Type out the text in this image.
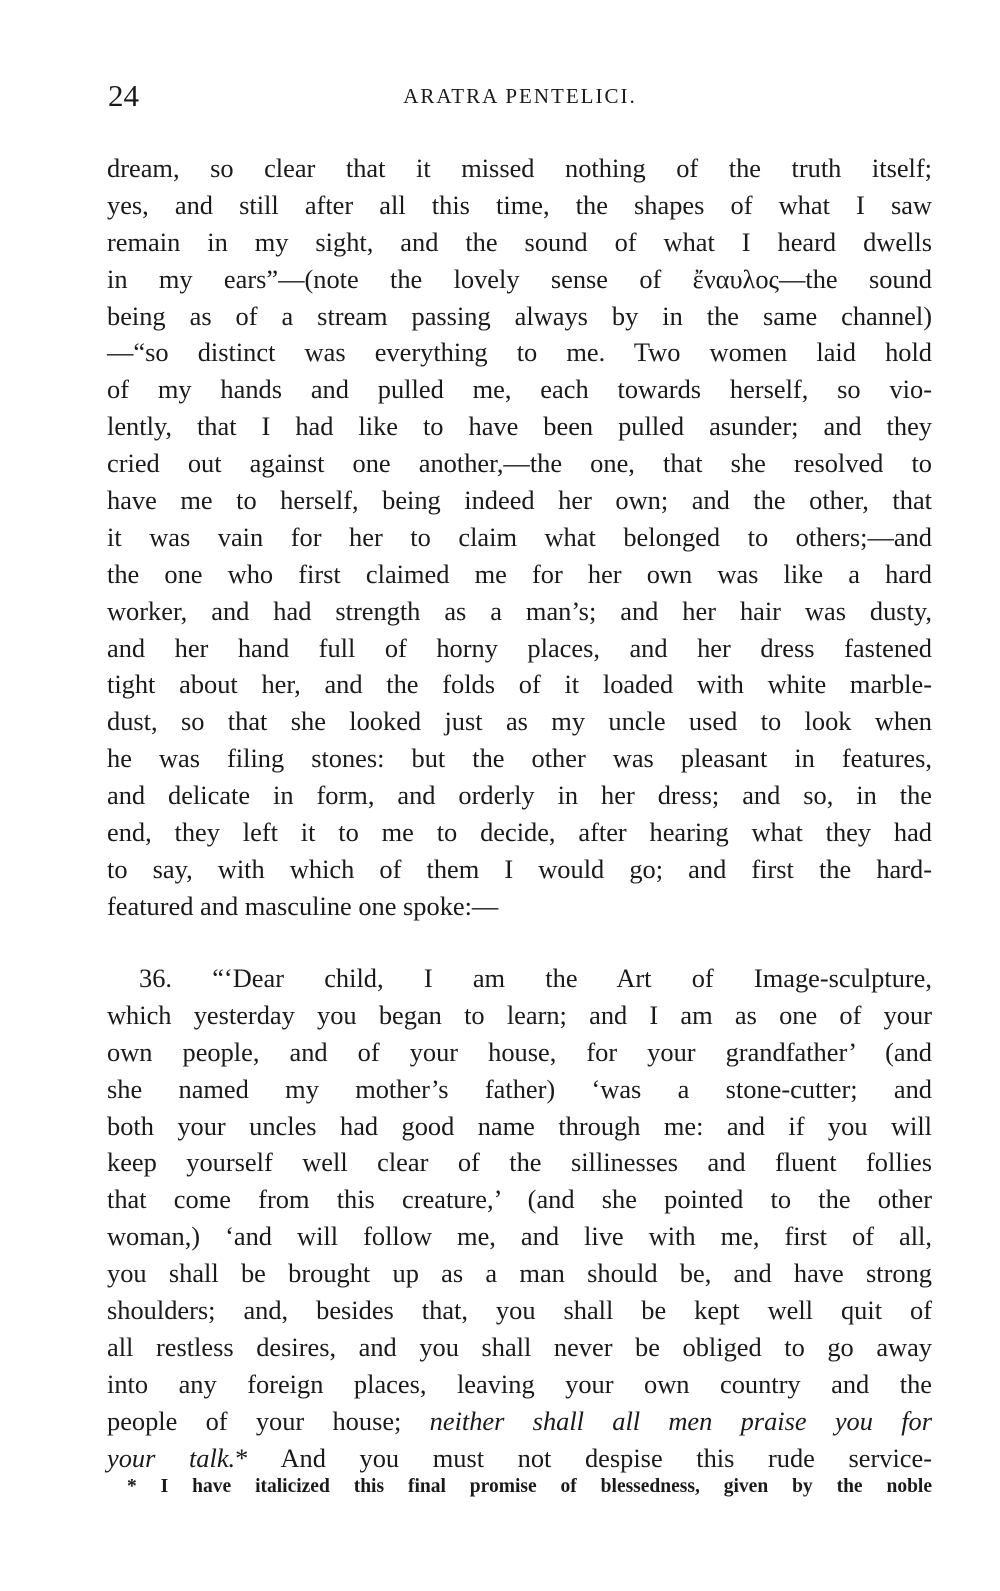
24	ARATRA PENTELICI.
dream, so clear that it missed nothing of the truth itself;
yes, and still after all this time, the shapes of what I saw
remain in my sight, and the sound of what I heard dwells
in my ears”—(note the lovely sense of ἔναυλος—the sound
being as of a stream passing always by in the same channel)
—“so distinct was everything to me. Two women laid hold
of my hands and pulled me, each towards herself, so vio-
lently, that I had like to have been pulled asunder; and they
cried out against one another,—the one, that she resolved to
have me to herself, being indeed her own; and the other, that
it was vain for her to claim what belonged to others;—and
the one who first claimed me for her own was like a hard
worker, and had strength as a man’s; and her hair was dusty,
and her hand full of horny places, and her dress fastened
tight about her, and the folds of it loaded with white marble-
dust, so that she looked just as my uncle used to look when
he was filing stones: but the other was pleasant in features,
and delicate in form, and orderly in her dress; and so, in the
end, they left it to me to decide, after hearing what they had
to say, with which of them I would go; and first the hard-
featured and masculine one spoke:—
36. “‘Dear child, I am the Art of Image-sculpture,
which yesterday you began to learn; and I am as one of your
own people, and of your house, for your grandfather’ (and
she named my mother’s father) ‘was a stone-cutter; and
both your uncles had good name through me: and if you will
keep yourself well clear of the sillinesses and fluent follies
that come from this creature,’ (and she pointed to the other
woman,) ‘and will follow me, and live with me, first of all,
you shall be brought up as a man should be, and have strong
shoulders; and, besides that, you shall be kept well quit of
all restless desires, and you shall never be obliged to go away
into any foreign places, leaving your own country and the
people of your house; neither shall all men praise you for
your talk.* And you must not despise this rude service-
* I have italicized this final promise of blessedness, given by the noble
